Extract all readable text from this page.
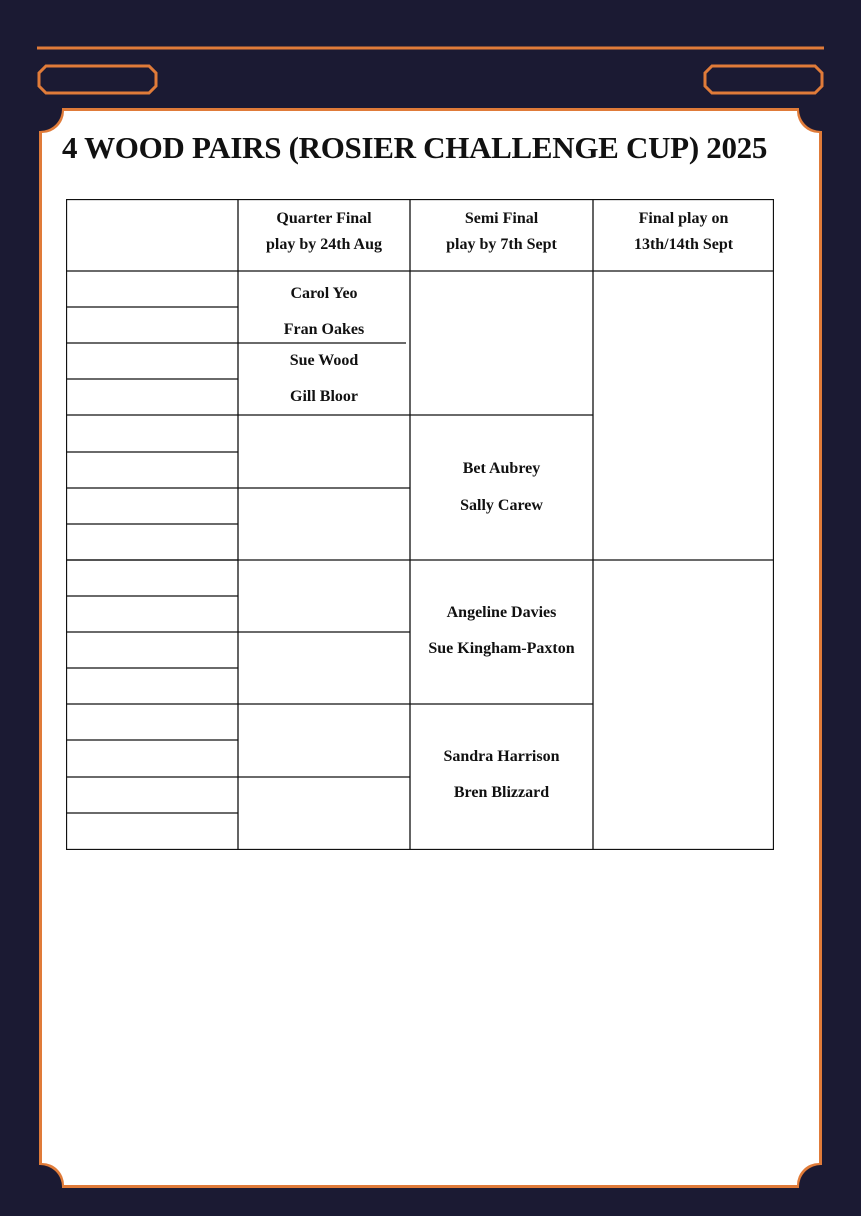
4 WOOD PAIRS (ROSIER CHALLENGE CUP) 2025
Quarter Final
play by 24th Aug
Semi Final
play by 7th Sept
Final play on
13th/14th Sept
Carol Yeo
Fran Oakes
Sue Wood
Gill Bloor
Bet Aubrey
Sally Carew
Angeline Davies
Sue Kingham-Paxton
Sandra Harrison
Bren Blizzard
